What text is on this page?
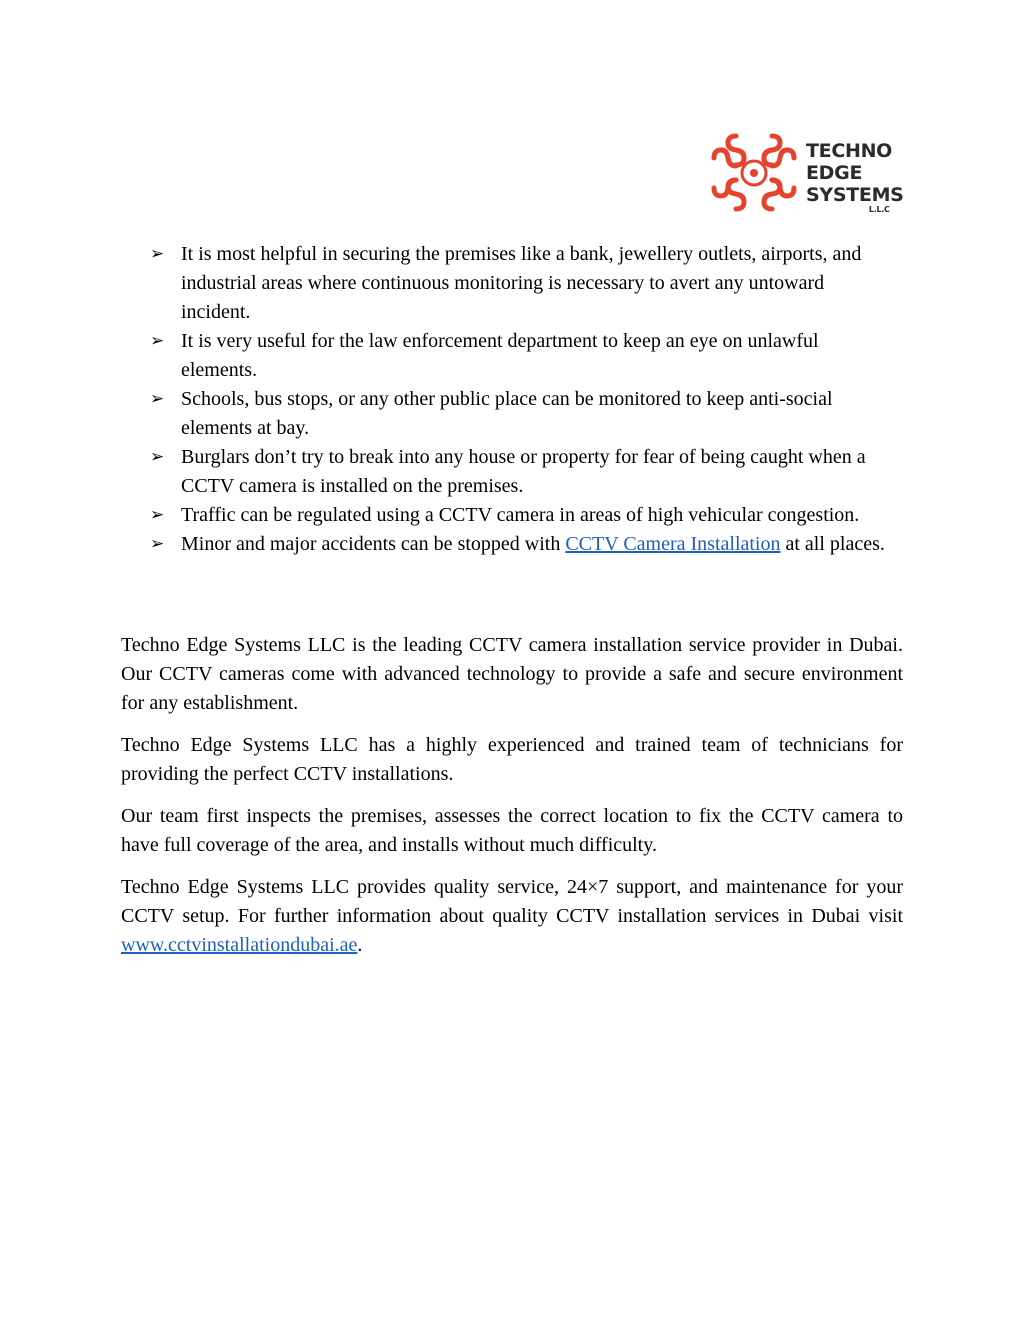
TECHNO
EDGE
SYSTEMS
L.L.C
➢ It is most helpful in securing the premises like a bank, jewellery outlets, airports, and industrial areas where continuous monitoring is necessary to avert any untoward incident.
➢ It is very useful for the law enforcement department to keep an eye on unlawful elements.
➢ Schools, bus stops, or any other public place can be monitored to keep anti-social elements at bay.
➢ Burglars don’t try to break into any house or property for fear of being caught when a CCTV camera is installed on the premises.
➢ Traffic can be regulated using a CCTV camera in areas of high vehicular congestion.
➢ Minor and major accidents can be stopped with CCTV Camera Installation at all places.

Techno Edge Systems LLC is the leading CCTV camera installation service provider in Dubai. Our CCTV cameras come with advanced technology to provide a safe and secure environment for any establishment.

Techno Edge Systems LLC has a highly experienced and trained team of technicians for providing the perfect CCTV installations.

Our team first inspects the premises, assesses the correct location to fix the CCTV camera to have full coverage of the area, and installs without much difficulty.

Techno Edge Systems LLC provides quality service, 24×7 support, and maintenance for your CCTV setup. For further information about quality CCTV installation services in Dubai visit www.cctvinstallationdubai.ae.
